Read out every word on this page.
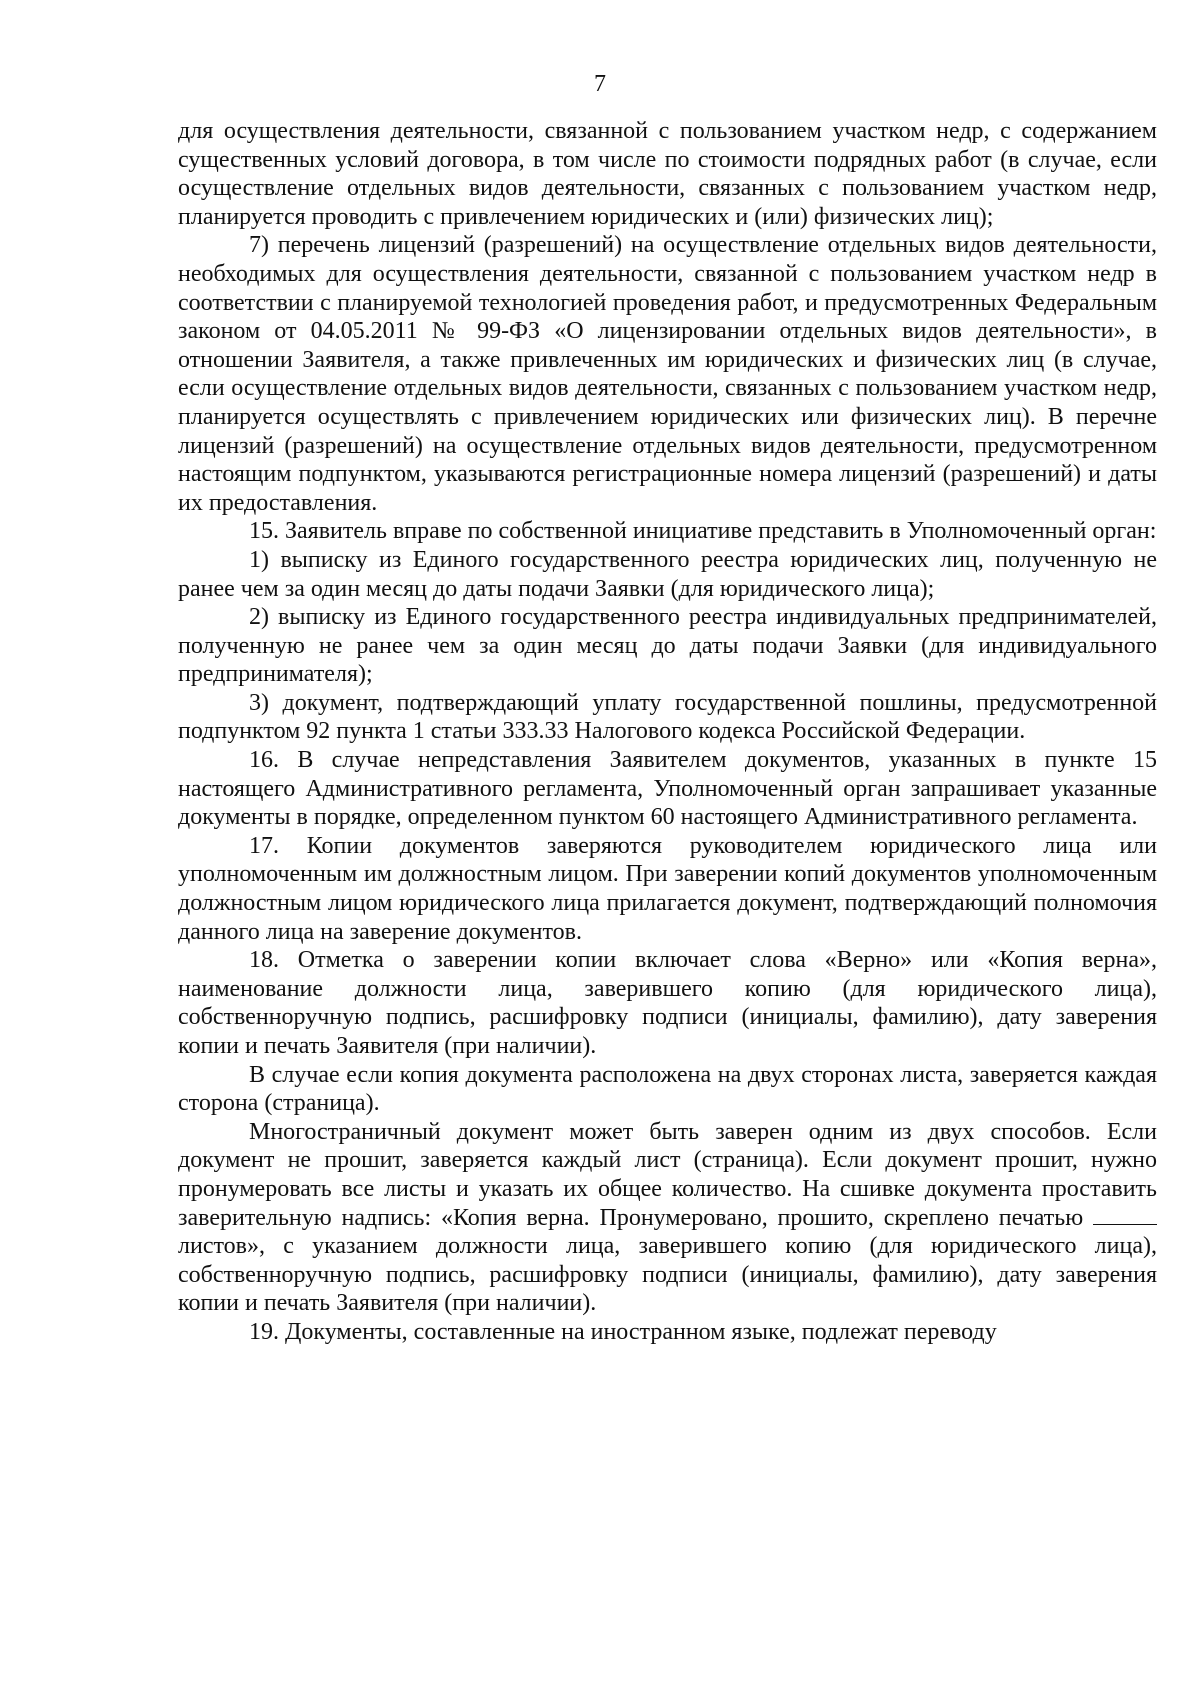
7

для осуществления деятельности, связанной с пользованием участком недр, с содержанием существенных условий договора, в том числе по стоимости подрядных работ (в случае, если осуществление отдельных видов деятельности, связанных с пользованием участком недр, планируется проводить с привлечением юридических и (или) физических лиц);

7) перечень лицензий (разрешений) на осуществление отдельных видов деятельности, необходимых для осуществления деятельности, связанной с пользованием участком недр в соответствии с планируемой технологией проведения работ, и предусмотренных Федеральным законом от 04.05.2011 № 99-ФЗ «О лицензировании отдельных видов деятельности», в отношении Заявителя, а также привлеченных им юридических и физических лиц (в случае, если осуществление отдельных видов деятельности, связанных с пользованием участком недр, планируется осуществлять с привлечением юридических или физических лиц). В перечне лицензий (разрешений) на осуществление отдельных видов деятельности, предусмотренном настоящим подпунктом, указываются регистрационные номера лицензий (разрешений) и даты их предоставления.

15. Заявитель вправе по собственной инициативе представить в Уполномоченный орган:

1) выписку из Единого государственного реестра юридических лиц, полученную не ранее чем за один месяц до даты подачи Заявки (для юридического лица);

2) выписку из Единого государственного реестра индивидуальных предпринимателей, полученную не ранее чем за один месяц до даты подачи Заявки (для индивидуального предпринимателя);

3) документ, подтверждающий уплату государственной пошлины, предусмотренной подпунктом 92 пункта 1 статьи 333.33 Налогового кодекса Российской Федерации.

16. В случае непредставления Заявителем документов, указанных в пункте 15 настоящего Административного регламента, Уполномоченный орган запрашивает указанные документы в порядке, определенном пунктом 60 настоящего Административного регламента.

17. Копии документов заверяются руководителем юридического лица или уполномоченным им должностным лицом. При заверении копий документов уполномоченным должностным лицом юридического лица прилагается документ, подтверждающий полномочия данного лица на заверение документов.

18. Отметка о заверении копии включает слова «Верно» или «Копия верна», наименование должности лица, заверившего копию (для юридического лица), собственноручную подпись, расшифровку подписи (инициалы, фамилию), дату заверения копии и печать Заявителя (при наличии).

В случае если копия документа расположена на двух сторонах листа, заверяется каждая сторона (страница).

Многостраничный документ может быть заверен одним из двух способов. Если документ не прошит, заверяется каждый лист (страница). Если документ прошит, нужно пронумеровать все листы и указать их общее количество. На сшивке документа проставить заверительную надпись: «Копия верна. Пронумеровано, прошито, скреплено печатью  листов», с указанием должности лица, заверившего копию (для юридического лица), собственноручную подпись, расшифровку подписи (инициалы, фамилию), дату заверения копии и печать Заявителя (при наличии).

19. Документы, составленные на иностранном языке, подлежат переводу
